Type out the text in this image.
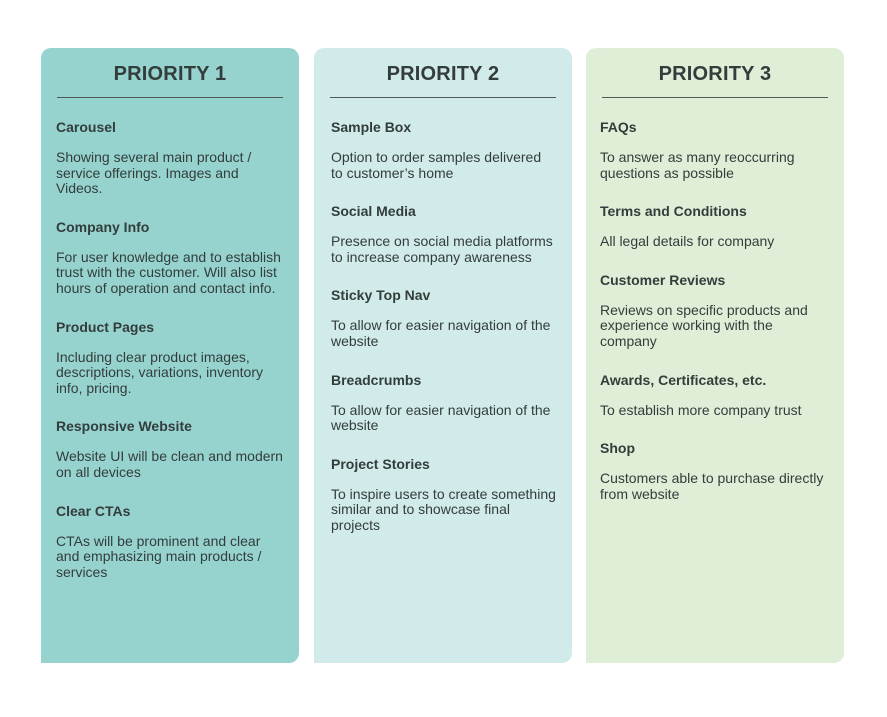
PRIORITY 1
Carousel
Showing several main product / service offerings. Images and Videos.
Company Info
For user knowledge and to establish trust with the customer. Will also list hours of operation and contact info.
Product Pages
Including clear product images, descriptions, variations, inventory info, pricing.
Responsive Website
Website UI will be clean and modern on all devices
Clear CTAs
CTAs will be prominent and clear and emphasizing main products / services
PRIORITY 2
Sample Box
Option to order samples delivered to customer’s home
Social Media
Presence on social media platforms to increase company awareness
Sticky Top Nav
To allow for easier navigation of the website
Breadcrumbs
To allow for easier navigation of the website
Project Stories
To inspire users to create something similar and to showcase final projects
PRIORITY 3
FAQs
To answer as many reoccurring questions as possible
Terms and Conditions
All legal details for company
Customer Reviews
Reviews on specific products and experience working with the company
Awards, Certificates, etc.
To establish more company trust
Shop
Customers able to purchase directly from website
